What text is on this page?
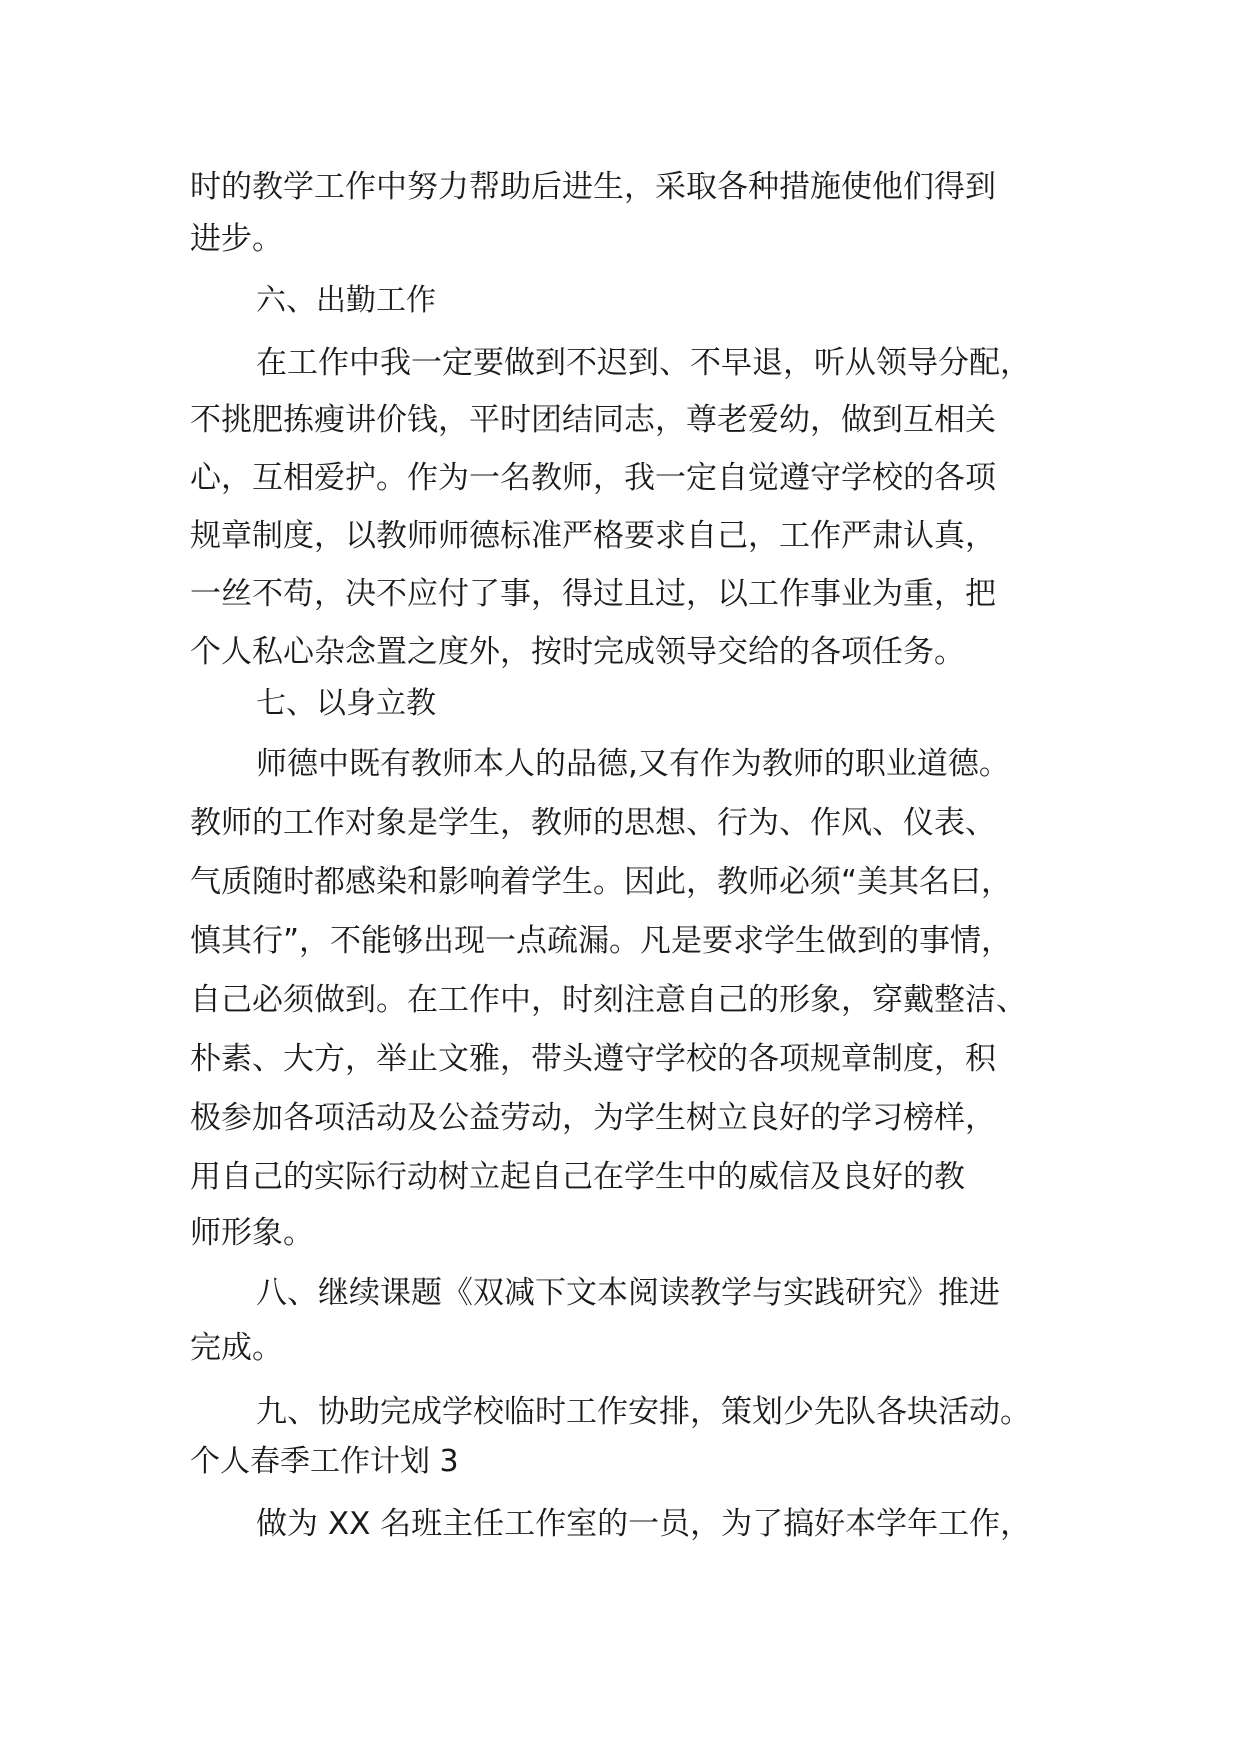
时的教学工作中努力帮助后进生，采取各种措施使他们得到
进步。
六、出勤工作
在工作中我一定要做到不迟到、不早退，听从领导分配，
不挑肥拣瘦讲价钱，平时团结同志，尊老爱幼，做到互相关
心，互相爱护。作为一名教师，我一定自觉遵守学校的各项
规章制度，以教师师德标准严格要求自己，工作严肃认真，
一丝不苟，决不应付了事，得过且过，以工作事业为重，把
个人私心杂念置之度外，按时完成领导交给的各项任务。
七、以身立教
师德中既有教师本人的品德,又有作为教师的职业道德。
教师的工作对象是学生，教师的思想、行为、作风、仪表、
气质随时都感染和影响着学生。因此，教师必须“美其名曰，
慎其行”，不能够出现一点疏漏。凡是要求学生做到的事情，
自己必须做到。在工作中，时刻注意自己的形象，穿戴整洁、
朴素、大方，举止文雅，带头遵守学校的各项规章制度，积
极参加各项活动及公益劳动，为学生树立良好的学习榜样，
用自己的实际行动树立起自己在学生中的威信及良好的教
师形象。
八、继续课题《双减下文本阅读教学与实践研究》推进
完成。
九、协助完成学校临时工作安排，策划少先队各块活动。
个人春季工作计划 3
做为 XX 名班主任工作室的一员，为了搞好本学年工作，
